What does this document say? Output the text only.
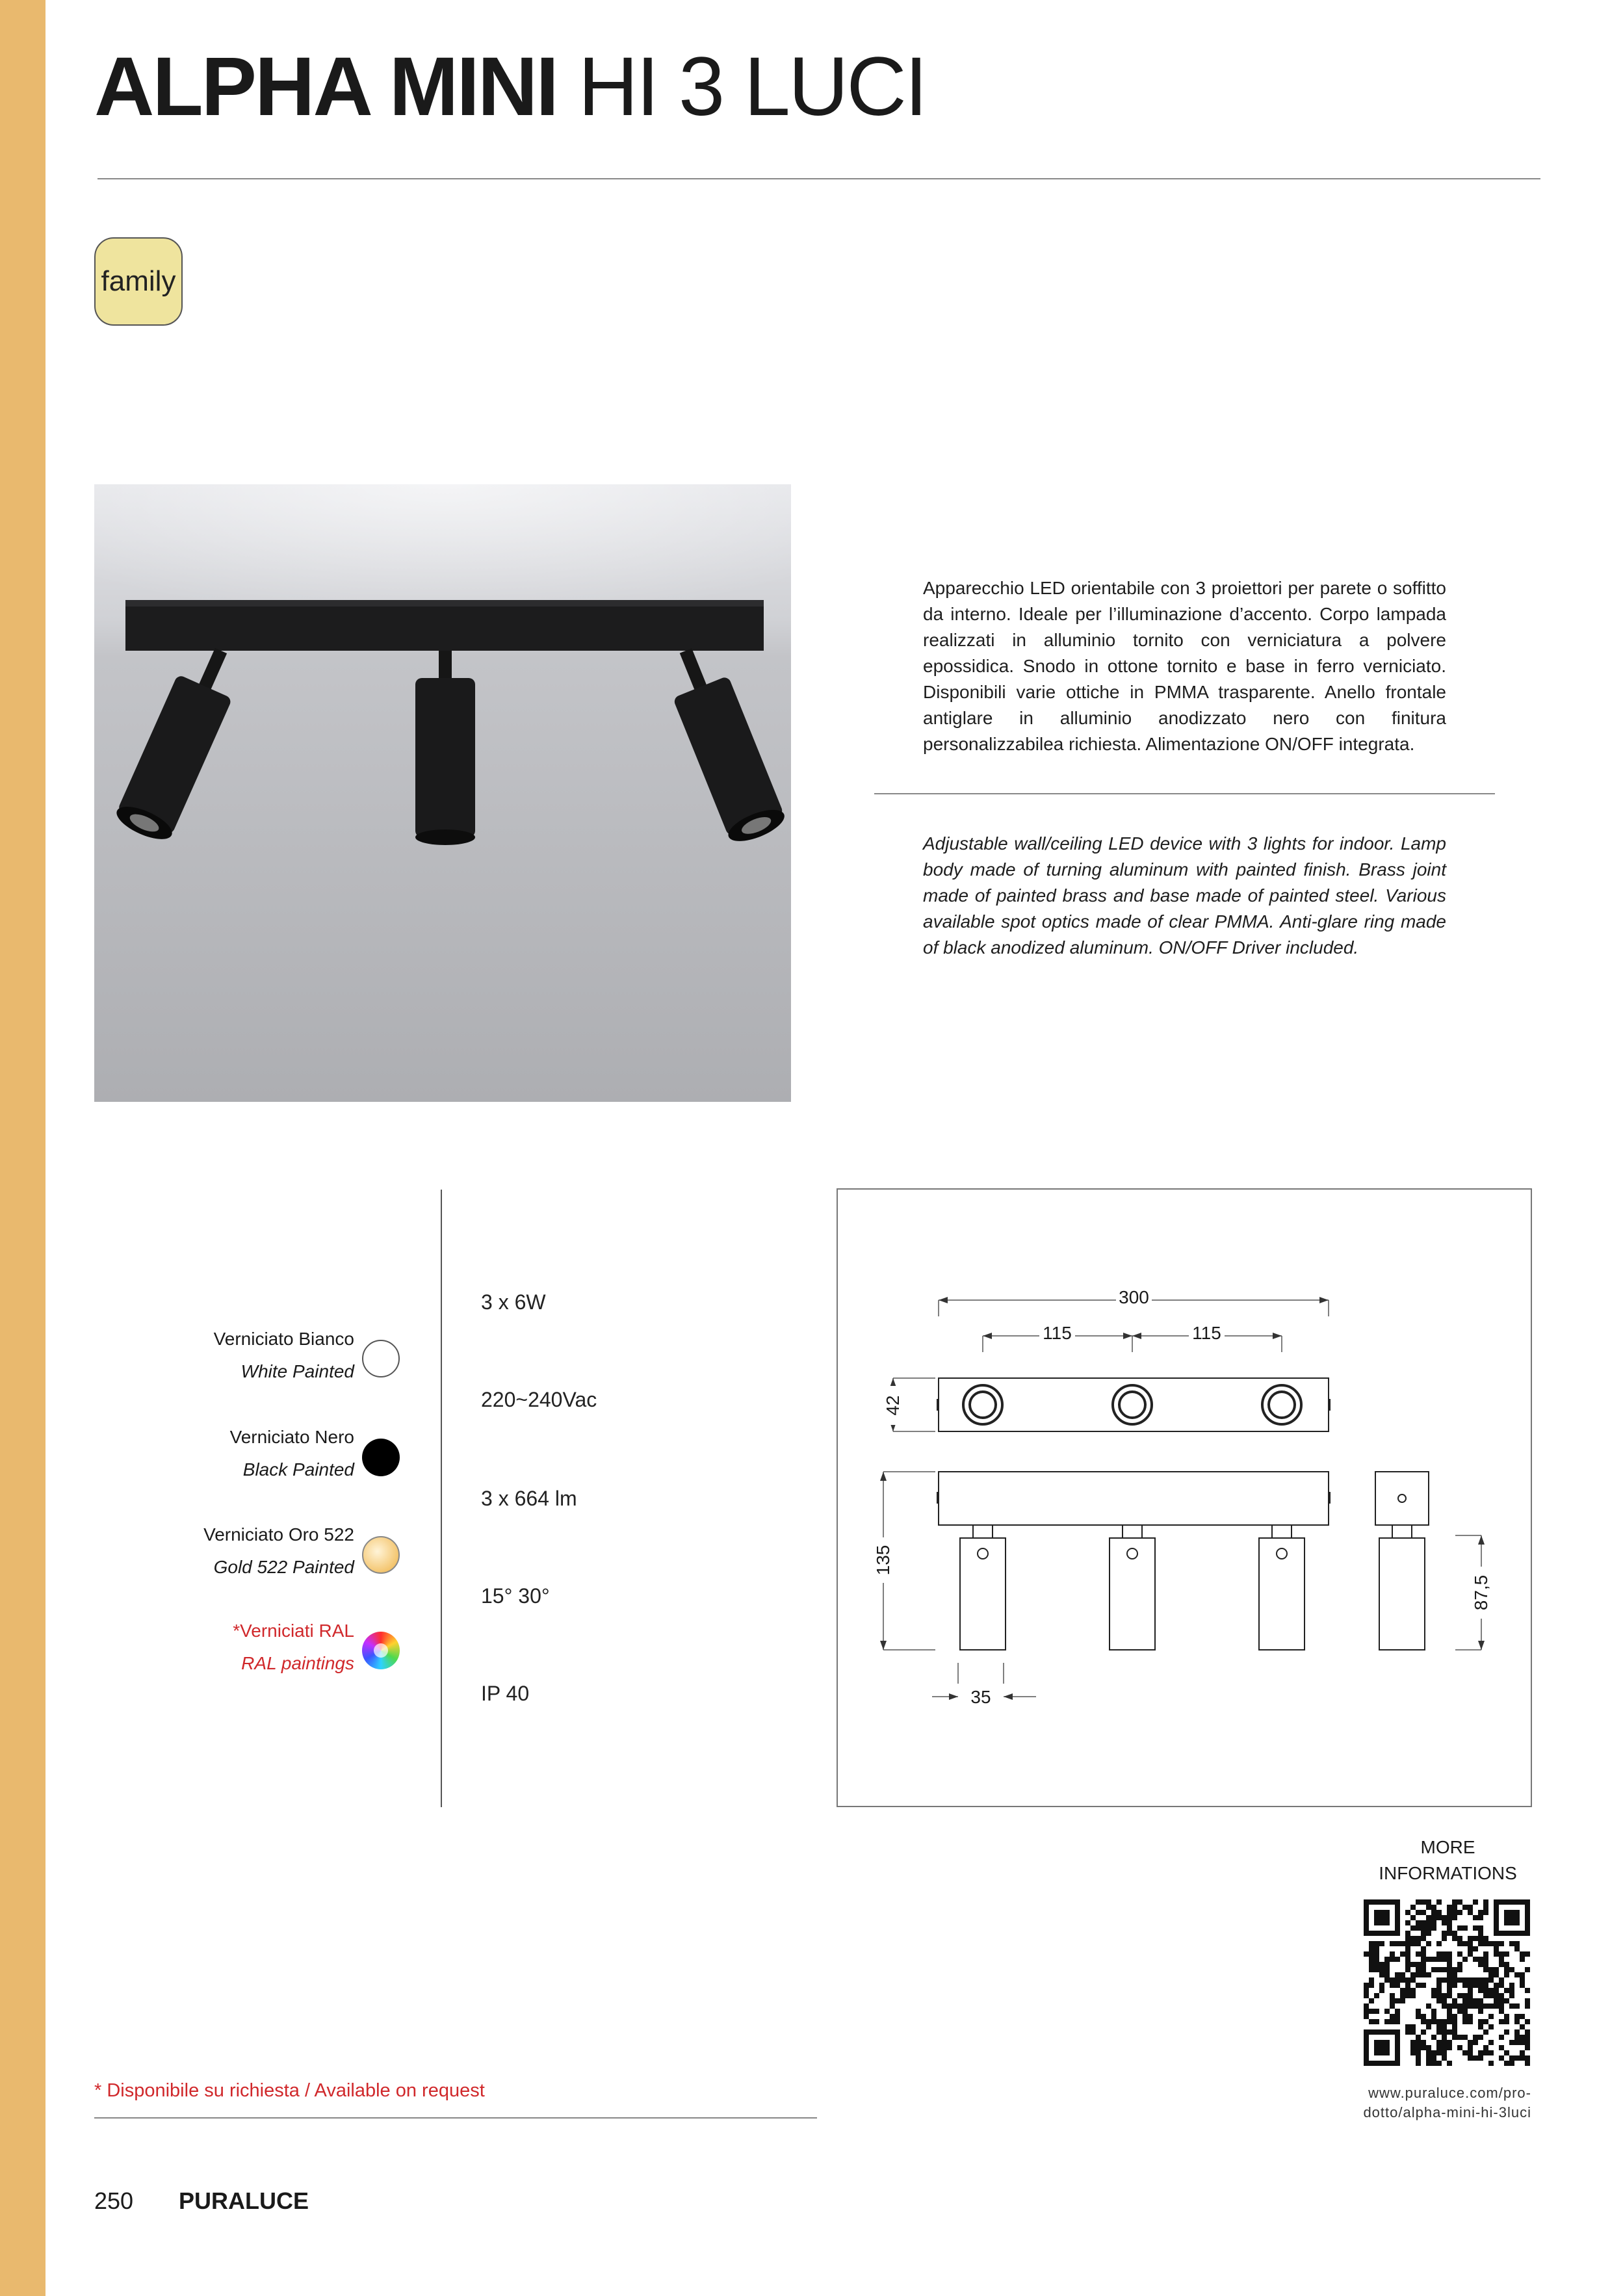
ALPHA MINI HI 3 LUCI
family
Apparecchio LED orientabile con 3 proiettori per parete o soffitto da interno. Ideale per l’illuminazione d’accento. Corpo lampada realizzati in alluminio tornito con verniciatura a polvere epossidica. Snodo in ottone tornito e base in ferro verniciato. Disponibili varie ottiche in PMMA trasparente. Anello frontale antiglare in alluminio anodizzato nero con finitura personalizzabilea richiesta. Alimentazione ON/OFF integrata.
Adjustable wall/ceiling LED device with 3 lights for indoor. Lamp body made of turning aluminum with painted finish. Brass joint made of painted brass and base made of painted steel. Various available spot optics made of clear PMMA. Anti-glare ring made of black anodized aluminum. ON/OFF Driver included.
Verniciato Bianco
White Painted
Verniciato Nero
Black Painted
Verniciato Oro 522
Gold 522 Painted
*Verniciati RAL
RAL paintings
3 x 6W
220~240Vac
3 x 664 lm
15° 30°
IP 40
300
115	115
42
135
87,5
35
MORE
INFORMATIONS
www.puraluce.com/pro-
dotto/alpha-mini-hi-3luci
* Disponibile su richiesta / Available on request
250 PURALUCE
